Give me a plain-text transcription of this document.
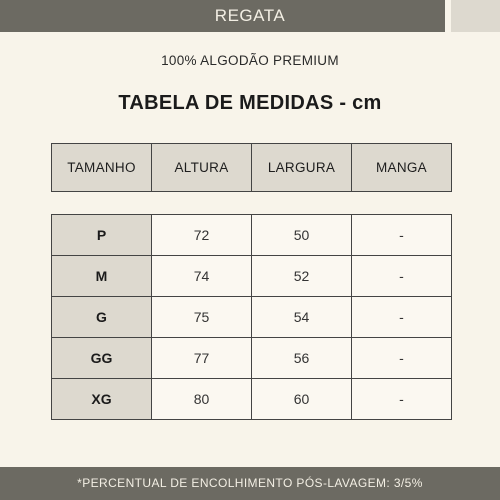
REGATA
100% ALGODÃO PREMIUM
TABELA DE MEDIDAS - cm
TAMANHO	ALTURA	LARGURA	MANGA
P	72	50	-
M	74	52	-
G	75	54	-
GG	77	56	-
XG	80	60	-
*PERCENTUAL DE ENCOLHIMENTO PÓS-LAVAGEM: 3/5%
